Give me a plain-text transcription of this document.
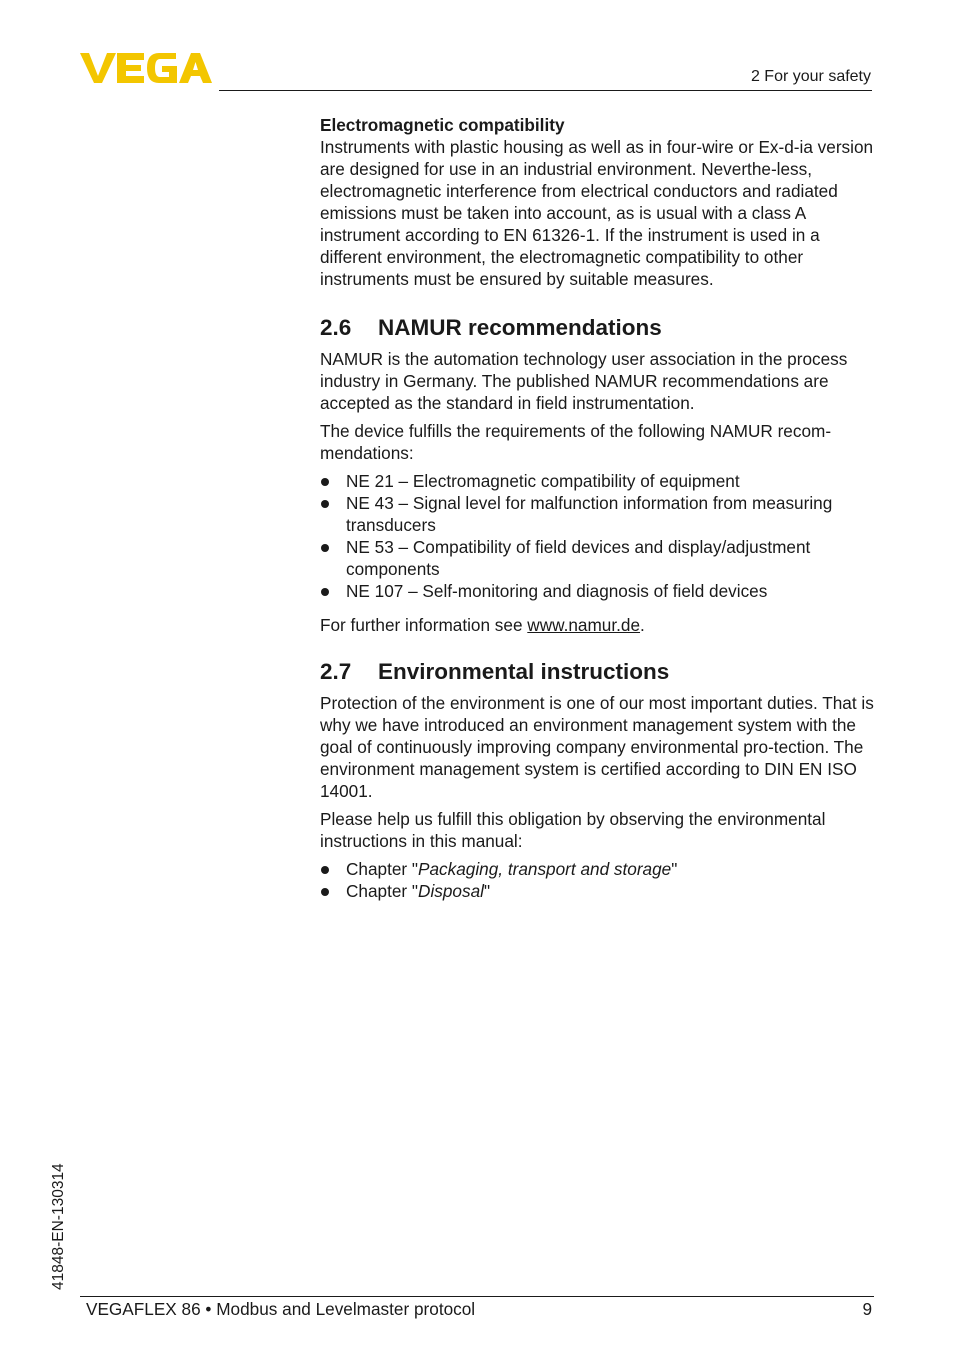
2 For your safety

Electromagnetic compatibility

Instruments with plastic housing as well as in four-wire or Ex-d-ia version are designed for use in an industrial environment. Neverthe-less, electromagnetic interference from electrical conductors and radiated emissions must be taken into account, as is usual with a class A instrument according to EN 61326-1. If the instrument is used in a different environment, the electromagnetic compatibility to other instruments must be ensured by suitable measures.

2.6	NAMUR recommendations

NAMUR is the automation technology user association in the process industry in Germany. The published NAMUR recommendations are accepted as the standard in field instrumentation.

The device fulfills the requirements of the following NAMUR recom-mendations:

NE 21 – Electromagnetic compatibility of equipment
NE 43 – Signal level for malfunction information from measuring transducers
NE 53 – Compatibility of field devices and display/adjustment components
NE 107 – Self-monitoring and diagnosis of field devices

For further information see www.namur.de.

2.7	Environmental instructions

Protection of the environment is one of our most important duties. That is why we have introduced an environment management system with the goal of continuously improving company environmental pro-tection. The environment management system is certified according to DIN EN ISO 14001.

Please help us fulfill this obligation by observing the environmental instructions in this manual:

Chapter "Packaging, transport and storage"
Chapter "Disposal"
41848-EN-130314
VEGAFLEX 86 • Modbus and Levelmaster protocol	9
